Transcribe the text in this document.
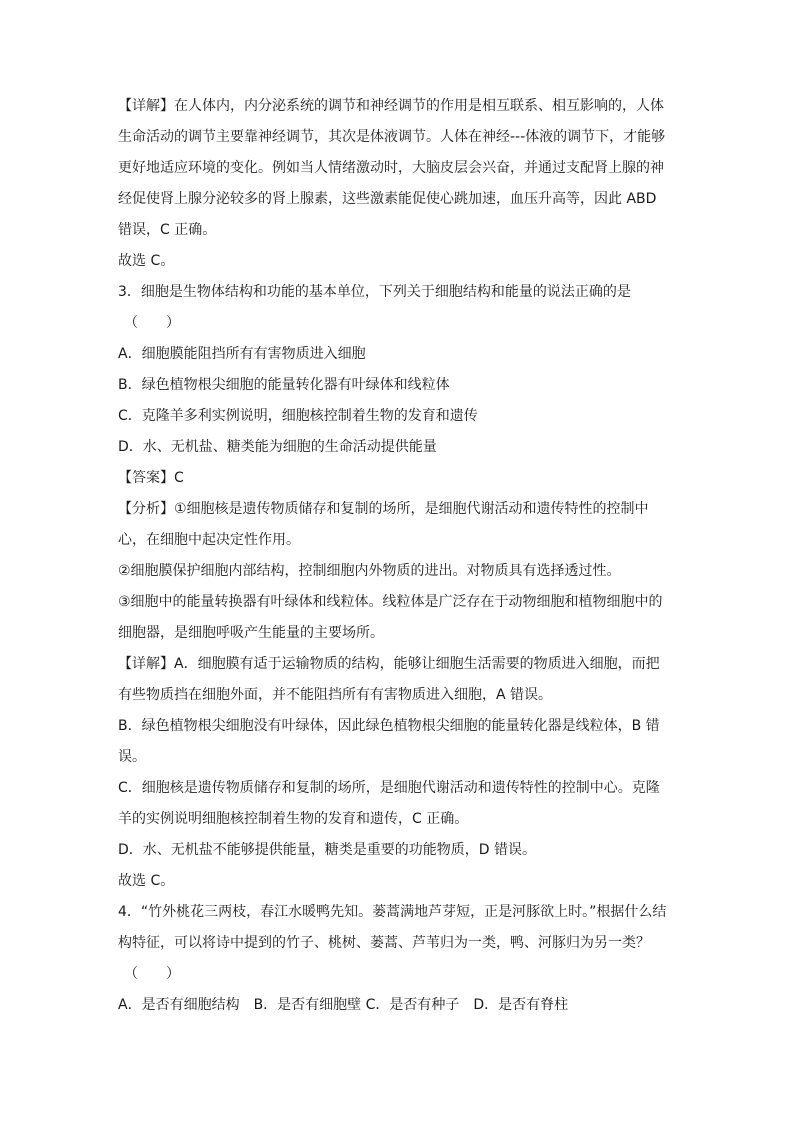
【详解】在人体内，内分泌系统的调节和神经调节的作用是相互联系、相互影响的，人体
生命活动的调节主要靠神经调节，其次是体液调节。人体在神经---体液的调节下，才能够
更好地适应环境的变化。例如当人情绪激动时，大脑皮层会兴奋，并通过支配肾上腺的神
经促使肾上腺分泌较多的肾上腺素，这些激素能促使心跳加速，血压升高等，因此 ABD
错误，C 正确。
故选 C。
3．细胞是生物体结构和功能的基本单位，下列关于细胞结构和能量的说法正确的是
（　　）
A．细胞膜能阻挡所有有害物质进入细胞
B．绿色植物根尖细胞的能量转化器有叶绿体和线粒体
C．克隆羊多利实例说明，细胞核控制着生物的发育和遗传
D．水、无机盐、糖类能为细胞的生命活动提供能量
【答案】C
【分析】①细胞核是遗传物质储存和复制的场所，是细胞代谢活动和遗传特性的控制中
心，在细胞中起决定性作用。
②细胞膜保护细胞内部结构，控制细胞内外物质的进出。对物质具有选择透过性。
③细胞中的能量转换器有叶绿体和线粒体。线粒体是广泛存在于动物细胞和植物细胞中的
细胞器，是细胞呼吸产生能量的主要场所。
【详解】A．细胞膜有适于运输物质的结构，能够让细胞生活需要的物质进入细胞，而把
有些物质挡在细胞外面，并不能阻挡所有有害物质进入细胞，A 错误。
B．绿色植物根尖细胞没有叶绿体，因此绿色植物根尖细胞的能量转化器是线粒体，B 错
误。
C．细胞核是遗传物质储存和复制的场所，是细胞代谢活动和遗传特性的控制中心。克隆
羊的实例说明细胞核控制着生物的发育和遗传，C 正确。
D．水、无机盐不能够提供能量，糖类是重要的功能物质，D 错误。
故选 C。
4．“竹外桃花三两枝，春江水暖鸭先知。蒌蒿满地芦芽短，正是河豚欲上时。”根据什么结
构特征，可以将诗中提到的竹子、桃树、蒌蒿、芦苇归为一类，鸭、河豚归为另一类？
（　　）
A．是否有细胞结构　B．是否有细胞壁 C．是否有种子　D．是否有脊柱
